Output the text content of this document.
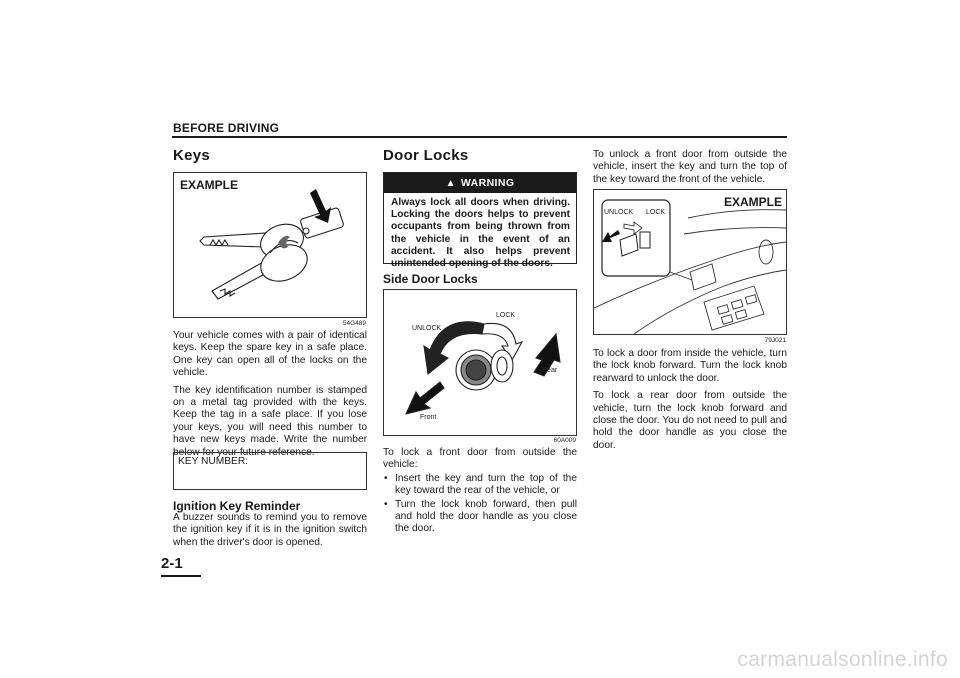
BEFORE DRIVING
Keys
EXAMPLE
54G489

Your vehicle comes with a pair of identical keys. Keep the spare key in a safe place. One key can open all of the locks on the vehicle.

The key identification number is stamped on a metal tag provided with the keys. Keep the tag in a safe place. If you lose your keys, you will need this number to have new keys made. Write the number below for your future reference.

KEY NUMBER:
Ignition Key Reminder
A buzzer sounds to remind you to remove the ignition key if it is in the ignition switch when the driver's door is opened.
Door Locks
▲ WARNING
Always lock all doors when driving. Locking the doors helps to prevent occupants from being thrown from the vehicle in the event of an accident. It also helps prevent unintended opening of the doors.
Side Door Locks
LOCK
UNLOCK
Rear
Front
60A009

To lock a front door from outside the vehicle:

• Insert the key and turn the top of the key toward the rear of the vehicle, or
• Turn the lock knob forward, then pull and hold the door handle as you close the door.
To unlock a front door from outside the vehicle, insert the key and turn the top of the key toward the front of the vehicle.
EXAMPLE
UNLOCK LOCK
79J021

To lock a door from inside the vehicle, turn the lock knob forward. Turn the lock knob rearward to unlock the door.

To lock a rear door from outside the vehicle, turn the lock knob forward and close the door. You do not need to pull and hold the door handle as you close the door.

2-1
carmanualsonline.info
